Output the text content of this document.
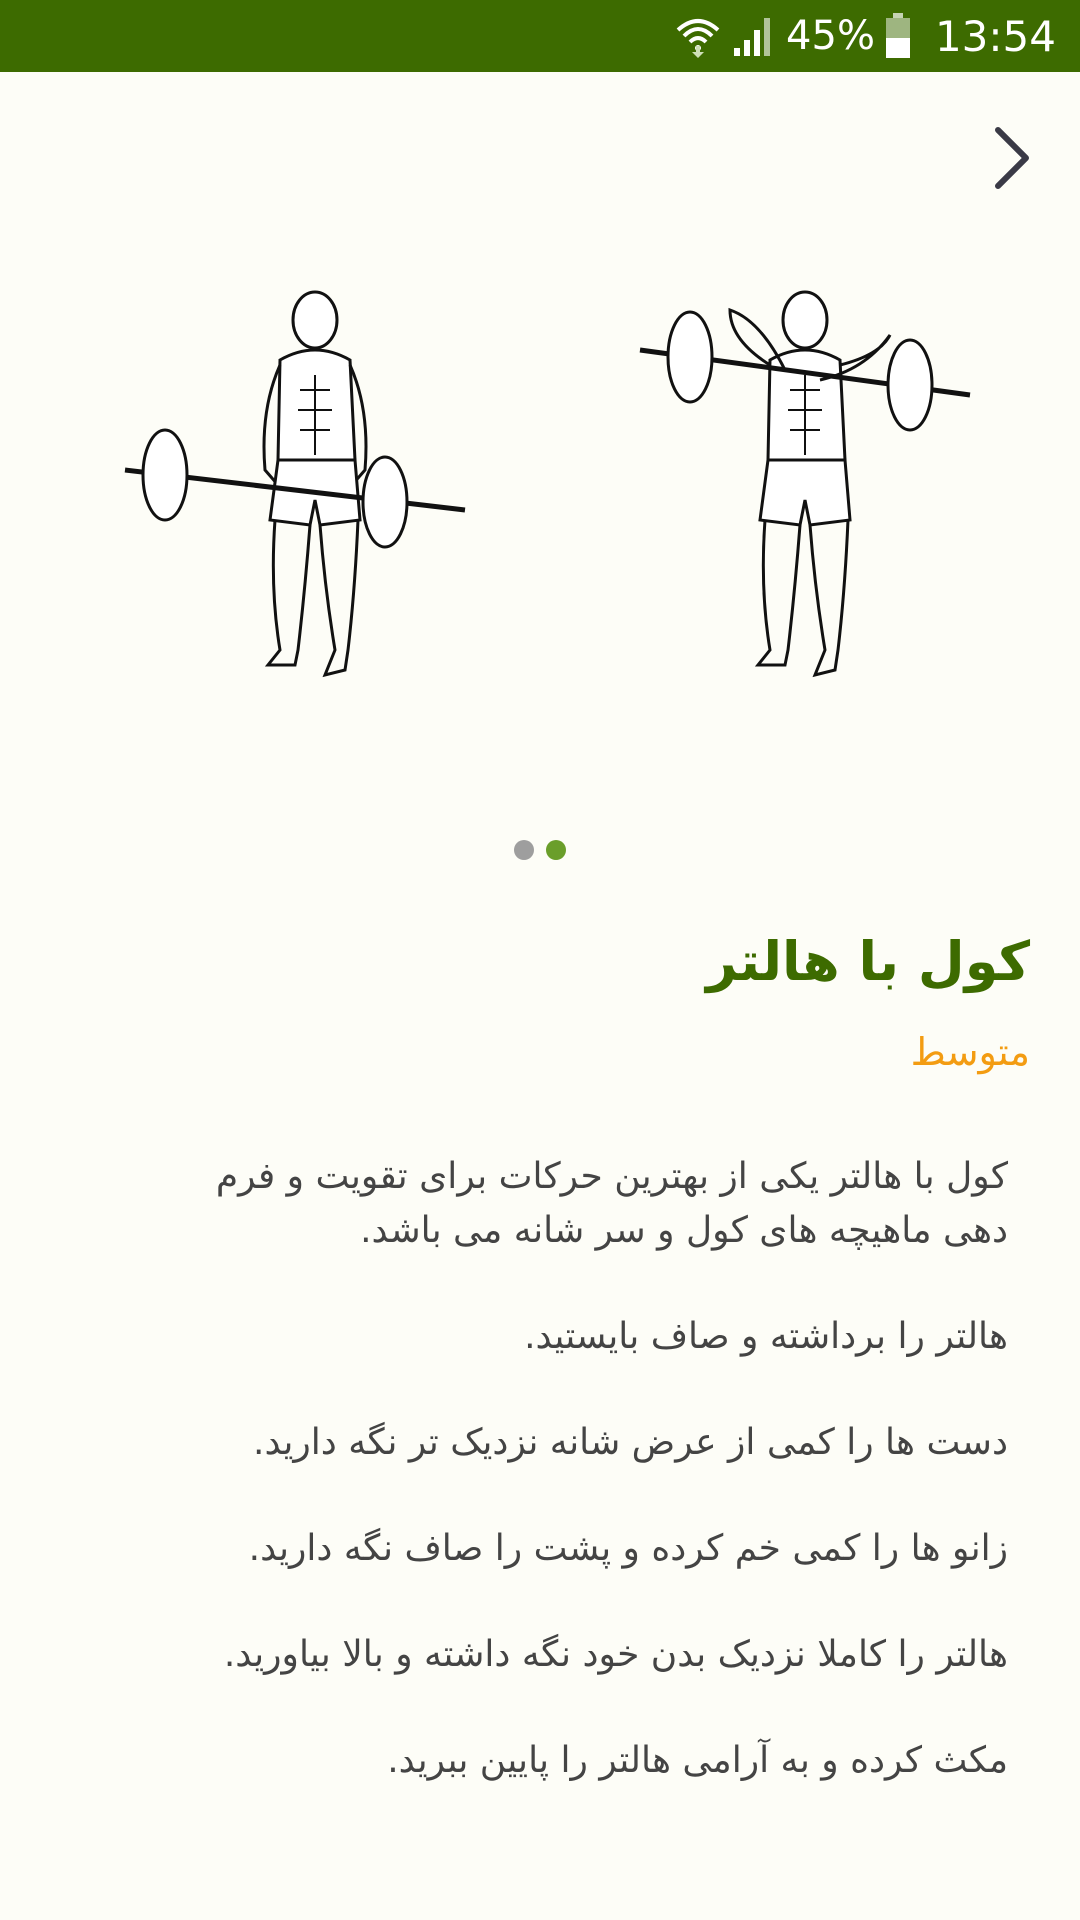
45% 13:54
کول با هالتر
متوسط

کول با هالتر یکی از بهترین حرکات برای تقویت و فرم دهی ماهیچه های کول و سر شانه می باشد.

هالتر را برداشته و صاف بایستید.

دست ها را کمی از عرض شانه نزدیک تر نگه دارید.

زانو ها را کمی خم کرده و پشت را صاف نگه دارید.

هالتر را کاملا نزدیک بدن خود نگه داشته و بالا بیاورید.

مکث کرده و به آرامی هالتر را پایین ببرید.
